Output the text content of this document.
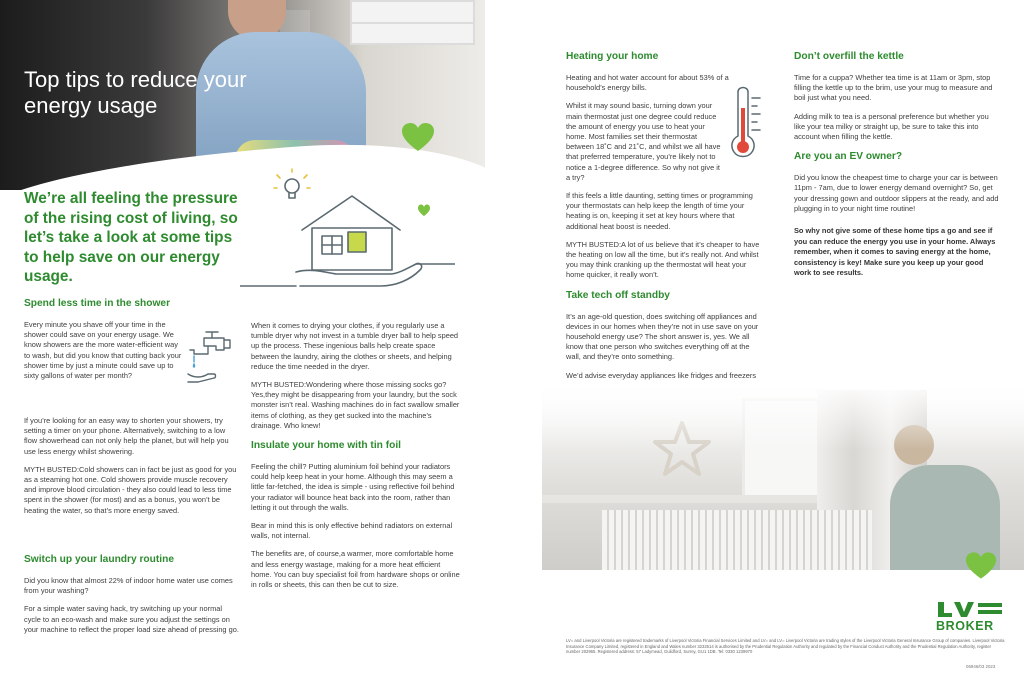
Top tips to reduce your energy usage

We’re all feeling the pressure of the rising cost of living, so let’s take a look at some tips to help save on our energy usage.

Spend less time in the shower

Every minute you shave off your time in the shower could save on your energy usage. We know showers are the more water-efficient way to wash, but did you know that cutting back your shower time by just a minute could save up to sixty gallons of water per month?

If you’re looking for an easy way to shorten your showers, try setting a timer on your phone. Alternatively, switching to a low flow showerhead can not only help the planet, but will help you use less energy whilst showering.

MYTH BUSTED:Cold showers can in fact be just as good for you as a steaming hot one. Cold showers provide muscle recovery and improve blood circulation - they also could lead to less time spent in the shower (for most) and as a bonus, you won’t be heating the water, so that’s more energy saved.

Switch up your laundry routine

Did you know that almost 22% of indoor home water use comes from your washing?

For a simple water saving hack, try switching up your normal cycle to an eco-wash and make sure you adjust the settings on your machine to reflect the proper load size ahead of pressing go.

When it comes to drying your clothes, if you regularly use a tumble dryer why not invest in a tumble dryer ball to help speed up the process. These ingenious balls help create space between the laundry, airing the clothes or sheets, and helping reduce the time needed in the dryer.

MYTH BUSTED:Wondering where those missing socks go? Yes,they might be disappearing from your laundry, but the sock monster isn’t real. Washing machines do in fact swallow smaller items of clothing, as they get sucked into the machine’s drainage. Who knew!

Insulate your home with tin foil

Feeling the chill? Putting aluminium foil behind your radiators could help keep heat in your home. Although this may seem a little far-fetched, the idea is simple - using reflective foil behind your radiator will bounce heat back into the room, rather than letting it out through the walls.

Bear in mind this is only effective behind radiators on external walls, not internal.

The benefits are, of course,a warmer, more comfortable home and less energy wastage, making for a more heat efficient home. You can buy specialist foil from hardware shops or online in rolls or sheets, this can then be cut to size.

Heating your home

Heating and hot water account for about 53% of a household’s energy bills.

Whilst it may sound basic, turning down your main thermostat just one degree could reduce the amount of energy you use to heat your home. Most families set their thermostat between 18˚C and 21˚C, and whilst we all have that preferred temperature, you’re likely not to notice a 1-degree difference. So why not give it a try?

If this feels a little daunting, setting times or programming your thermostats can help keep the length of time your heating is on, keeping it set at key hours where that additional heat boost is needed.

MYTH BUSTED:A lot of us believe that it’s cheaper to have the heating on low all the time, but it’s really not. And whilst you may think cranking up the thermostat will heat your home quicker, it really won’t.

Take tech off standby

It’s an age-old question, does switching off appliances and devices in our homes when they’re not in use save on your household energy use? The short answer is, yes. We all know that one person who switches everything off at the wall, and they’re onto something.

We’d advise everyday appliances like fridges and freezers

Don’t overfill the kettle

Time for a cuppa? Whether tea time is at 11am or 3pm, stop filling the kettle up to the brim, use your mug to measure and boil just what you need.

Adding milk to tea is a personal preference but whether you like your tea milky or straight up, be sure to take this into account when filling the kettle.

Are you an EV owner?

Did you know the cheapest time to charge your car is between 11pm - 7am, due to lower energy demand overnight? So, get your dressing gown and outdoor slippers at the ready, and add plugging in to your night time routine!

So why not give some of these home tips a go and see if you can reduce the energy you use in your home. Always remember, when it comes to saving energy at the home, consistency is key! Make sure you keep up your good work to see results.

BROKER

LV= and Liverpool Victoria are registered trademarks of Liverpool Victoria Financial Services Limited and LV= and LV= Liverpool Victoria are trading styles of the Liverpool Victoria General Insurance Group of companies. Liverpool Victoria Insurance Company Limited, registered in England and Wales number 3232514 is authorised by the Prudential Regulation Authority and regulated by the Financial Conduct Authority and the Prudential Regulation Authority, register number 202965. Registered address: 57 Ladymead, Guildford, Surrey, GU1 1DB. Tel: 0330 1239970

06946/03 2023
